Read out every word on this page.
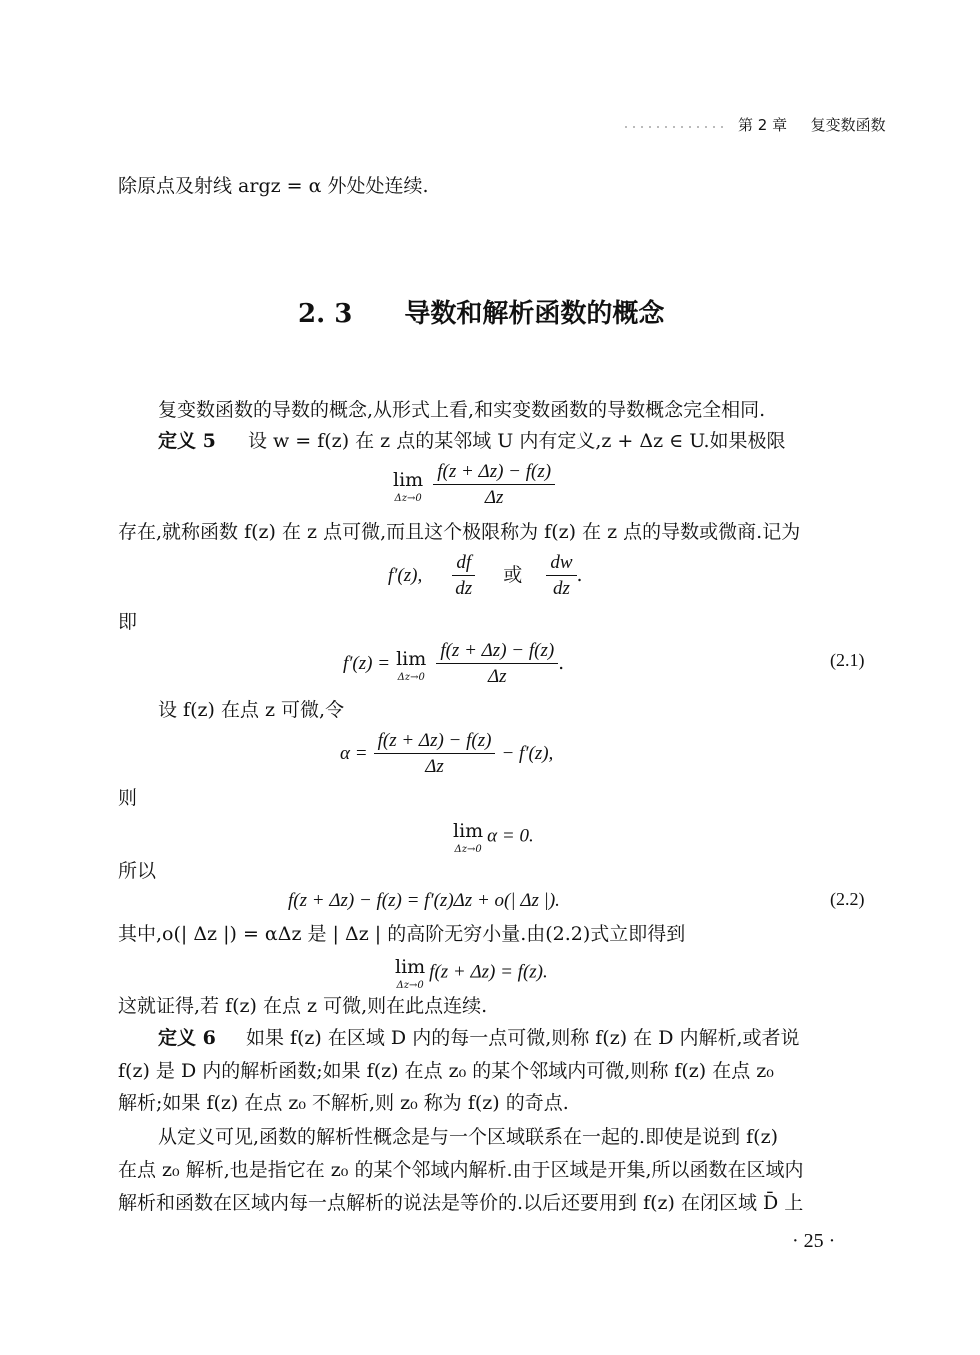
第 2 章 复变数函数
除原点及射线 argz = α 外处处连续.
2. 3 导数和解析函数的概念
复变数函数的导数的概念,从形式上看,和实变数函数的导数概念完全相同.
定义 5 设 w = f(z) 在 z 点的某邻域 U 内有定义,z + Δz ∈ U.如果极限
lim
Δz→0
$\frac{f(z + \Delta z) - f(z)}{\Delta z}$
存在,就称函数 f(z) 在 z 点可微,而且这个极限称为 f(z) 在 z 点的导数或微商.记为
f′(z), $\frac{df}{dz}$ 或 $\frac{dw}{dz}$ .
即
f′(z) = lim
Δz→0
$\frac{f(z + \Delta z) - f(z)}{\Delta z}$ .	(2.1)
设 f(z) 在点 z 可微,令
$\alpha = \frac{f(z + \Delta z) - f(z)}{\Delta z} - f'(z)$,
则
lim
Δz→0
α = 0.
所以
f(z + Δz) − f(z) = f′(z)Δz + o(| Δz |).	(2.2)
其中,o(| Δz |) = αΔz 是 | Δz | 的高阶无穷小量.由(2.2)式立即得到
lim
Δz→0
f(z + Δz) = f(z).
这就证得,若 f(z) 在点 z 可微,则在此点连续.
定义 6 如果 f(z) 在区域 D 内的每一点可微,则称 f(z) 在 D 内解析,或者说
f(z) 是 D 内的解析函数;如果 f(z) 在点 z₀ 的某个邻域内可微,则称 f(z) 在点 z₀
解析;如果 f(z) 在点 z₀ 不解析,则 z₀ 称为 f(z) 的奇点.
从定义可见,函数的解析性概念是与一个区域联系在一起的.即使是说到 f(z)
在点 z₀ 解析,也是指它在 z₀ 的某个邻域内解析.由于区域是开集,所以函数在区域内
解析和函数在区域内每一点解析的说法是等价的.以后还要用到 f(z) 在闭区域 D̄ 上
· 25 ·
